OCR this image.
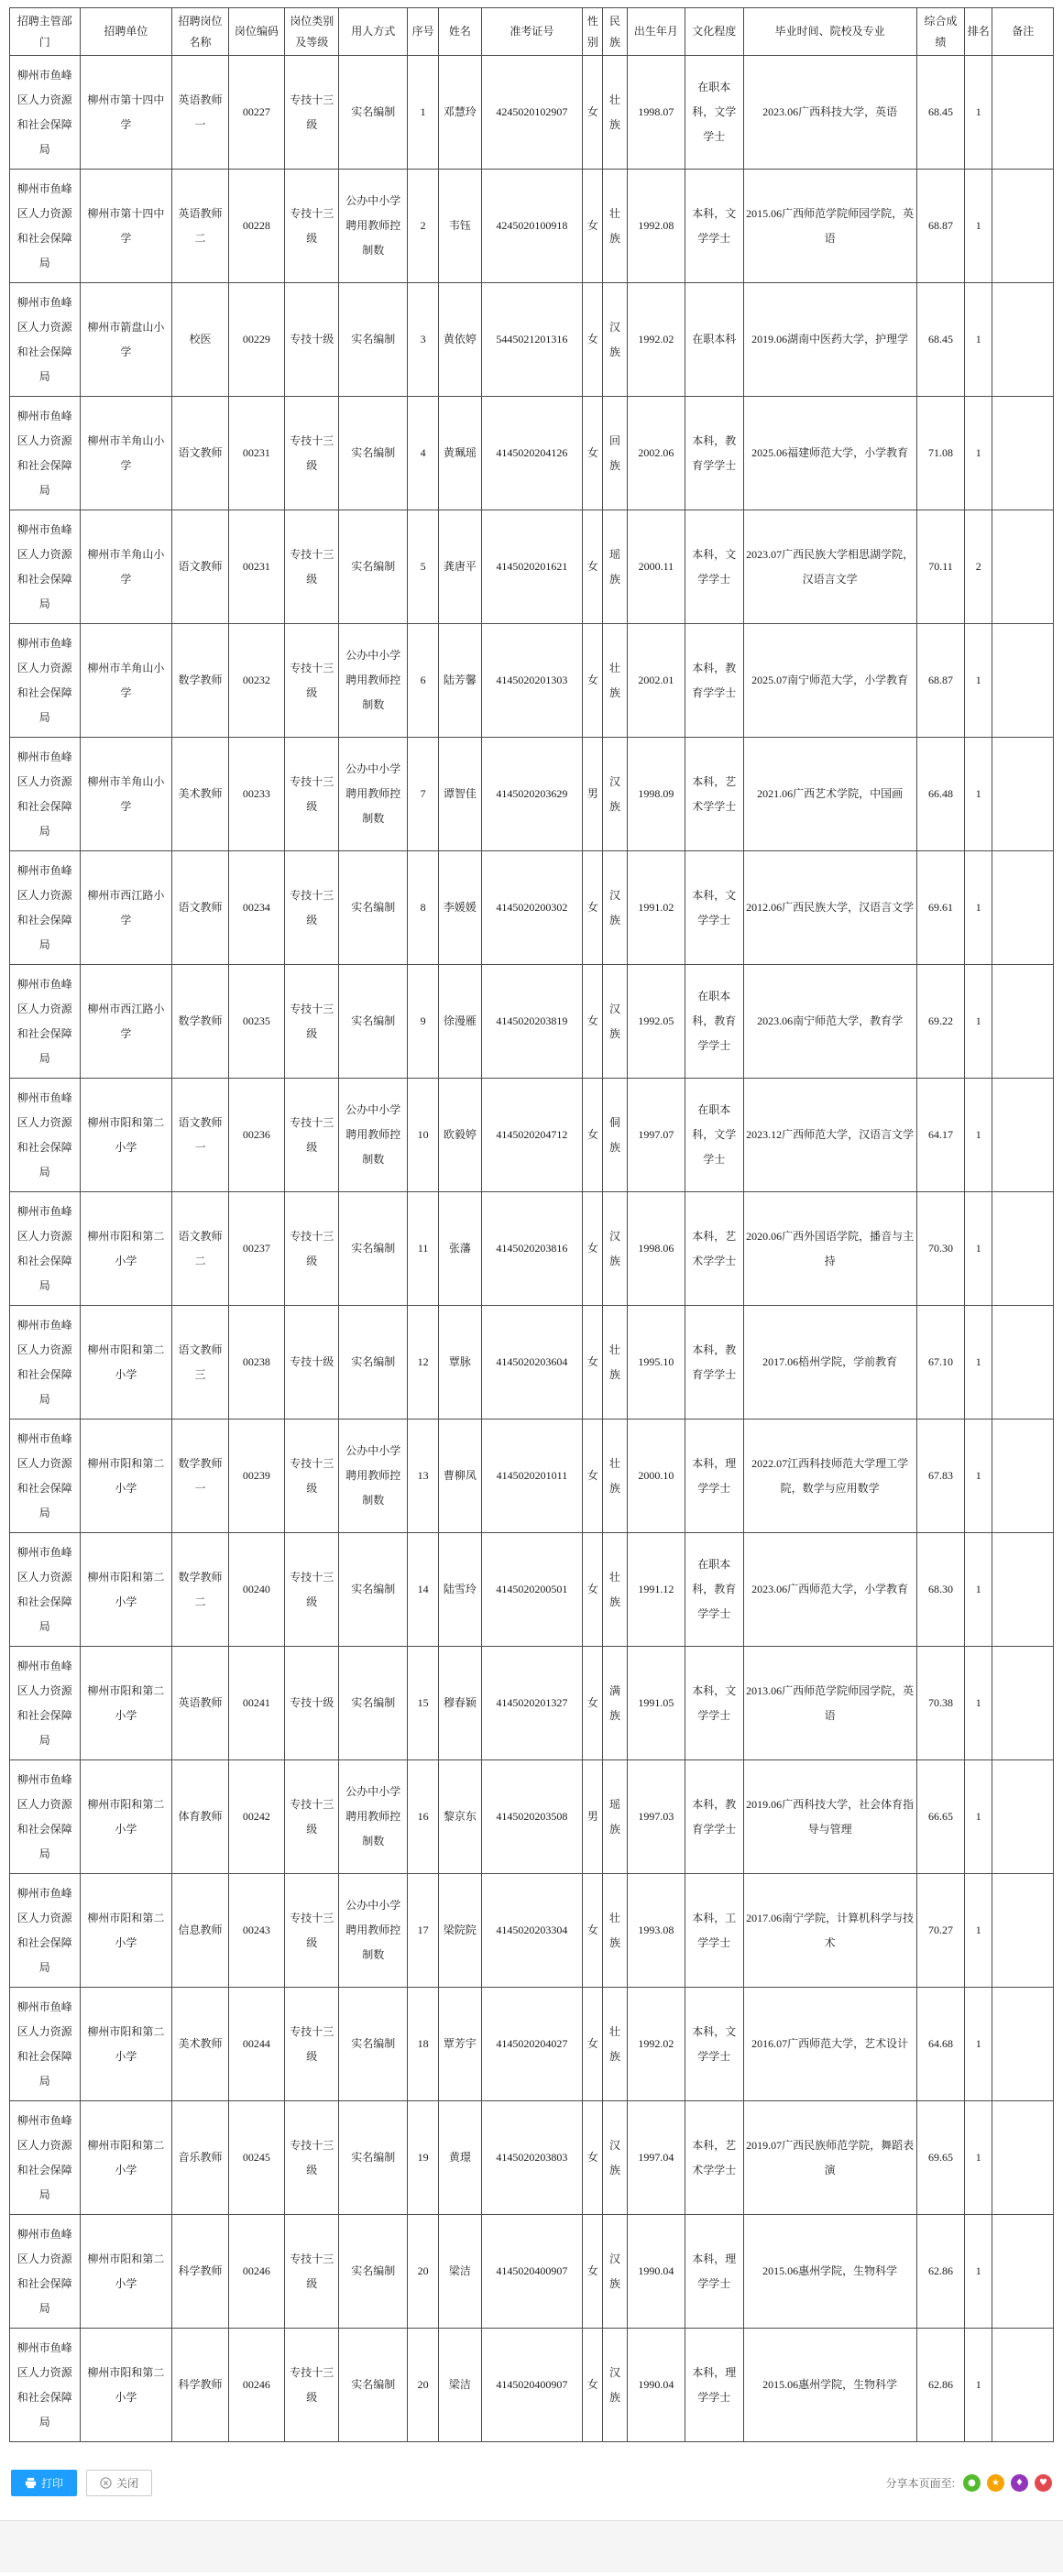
招聘主管部门	招聘单位	招聘岗位名称	岗位编码	岗位类别及等级	用人方式	序号	姓名	准考证号	性别	民族	出生年月	文化程度	毕业时间、院校及专业	综合成绩	排名	备注
柳州市鱼峰区人力资源和社会保障局	柳州市第十四中学	英语教师一	00227	专技十三级	实名编制	1	邓慧玲	4245020102907	女	壮族	1998.07	在职本科，文学学士	2023.06广西科技大学，英语	68.45	1	
柳州市鱼峰区人力资源和社会保障局	柳州市第十四中学	英语教师二	00228	专技十三级	公办中小学聘用教师控制数	2	韦钰	4245020100918	女	壮族	1992.08	本科，文学学士	2015.06广西师范学院师园学院，英语	68.87	1	
柳州市鱼峰区人力资源和社会保障局	柳州市箭盘山小学	校医	00229	专技十级	实名编制	3	黄依婷	5445021201316	女	汉族	1992.02	在职本科	2019.06湖南中医药大学，护理学	68.45	1	
柳州市鱼峰区人力资源和社会保障局	柳州市羊角山小学	语文教师	00231	专技十三级	实名编制	4	黄珮瑶	4145020204126	女	回族	2002.06	本科，教育学学士	2025.06福建师范大学，小学教育	71.08	1	
柳州市鱼峰区人力资源和社会保障局	柳州市羊角山小学	语文教师	00231	专技十三级	实名编制	5	龚唐平	4145020201621	女	瑶族	2000.11	本科，文学学士	2023.07广西民族大学相思湖学院，汉语言文学	70.11	2	
柳州市鱼峰区人力资源和社会保障局	柳州市羊角山小学	数学教师	00232	专技十三级	公办中小学聘用教师控制数	6	陆芳馨	4145020201303	女	壮族	2002.01	本科，教育学学士	2025.07南宁师范大学，小学教育	68.87	1	
柳州市鱼峰区人力资源和社会保障局	柳州市羊角山小学	美术教师	00233	专技十三级	公办中小学聘用教师控制数	7	谭智佳	4145020203629	男	汉族	1998.09	本科，艺术学学士	2021.06广西艺术学院，中国画	66.48	1	
柳州市鱼峰区人力资源和社会保障局	柳州市西江路小学	语文教师	00234	专技十三级	实名编制	8	李媛媛	4145020200302	女	汉族	1991.02	本科，文学学士	2012.06广西民族大学，汉语言文学	69.61	1	
柳州市鱼峰区人力资源和社会保障局	柳州市西江路小学	数学教师	00235	专技十三级	实名编制	9	徐漫雁	4145020203819	女	汉族	1992.05	在职本科，教育学学士	2023.06南宁师范大学，教育学	69.22	1	
柳州市鱼峰区人力资源和社会保障局	柳州市阳和第二小学	语文教师一	00236	专技十三级	公办中小学聘用教师控制数	10	欧毅婷	4145020204712	女	侗族	1997.07	在职本科，文学学士	2023.12广西师范大学，汉语言文学	64.17	1	
柳州市鱼峰区人力资源和社会保障局	柳州市阳和第二小学	语文教师二	00237	专技十三级	实名编制	11	张藩	4145020203816	女	汉族	1998.06	本科，艺术学学士	2020.06广西外国语学院，播音与主持	70.30	1	
柳州市鱼峰区人力资源和社会保障局	柳州市阳和第二小学	语文教师三	00238	专技十级	实名编制	12	覃脉	4145020203604	女	壮族	1995.10	本科，教育学学士	2017.06梧州学院，学前教育	67.10	1	
柳州市鱼峰区人力资源和社会保障局	柳州市阳和第二小学	数学教师一	00239	专技十三级	公办中小学聘用教师控制数	13	曹柳凤	4145020201011	女	壮族	2000.10	本科，理学学士	2022.07江西科技师范大学理工学院，数学与应用数学	67.83	1	
柳州市鱼峰区人力资源和社会保障局	柳州市阳和第二小学	数学教师二	00240	专技十三级	实名编制	14	陆雪玲	4145020200501	女	壮族	1991.12	在职本科，教育学学士	2023.06广西师范大学，小学教育	68.30	1	
柳州市鱼峰区人力资源和社会保障局	柳州市阳和第二小学	英语教师	00241	专技十级	实名编制	15	穆春颖	4145020201327	女	满族	1991.05	本科，文学学士	2013.06广西师范学院师园学院，英语	70.38	1	
柳州市鱼峰区人力资源和社会保障局	柳州市阳和第二小学	体育教师	00242	专技十三级	公办中小学聘用教师控制数	16	黎京东	4145020203508	男	瑶族	1997.03	本科，教育学学士	2019.06广西科技大学，社会体育指导与管理	66.65	1	
柳州市鱼峰区人力资源和社会保障局	柳州市阳和第二小学	信息教师	00243	专技十三级	公办中小学聘用教师控制数	17	梁院院	4145020203304	女	壮族	1993.08	本科，工学学士	2017.06南宁学院，计算机科学与技术	70.27	1	
柳州市鱼峰区人力资源和社会保障局	柳州市阳和第二小学	美术教师	00244	专技十三级	实名编制	18	覃芳宇	4145020204027	女	壮族	1992.02	本科，文学学士	2016.07广西师范大学，艺术设计	64.68	1	
柳州市鱼峰区人力资源和社会保障局	柳州市阳和第二小学	音乐教师	00245	专技十三级	实名编制	19	黄璟	4145020203803	女	汉族	1997.04	本科，艺术学学士	2019.07广西民族师范学院，舞蹈表演	69.65	1	
柳州市鱼峰区人力资源和社会保障局	柳州市阳和第二小学	科学教师	00246	专技十三级	实名编制	20	梁洁	4145020400907	女	汉族	1990.04	本科，理学学士	2015.06惠州学院，生物科学	62.86	1	
柳州市鱼峰区人力资源和社会保障局	柳州市阳和第二小学	科学教师	00246	专技十三级	实名编制	20	梁洁	4145020400907	女	汉族	1990.04	本科，理学学士	2015.06惠州学院，生物科学	62.86	1	
打印	关闭	分享本页面至:	●	★	♦	♥
